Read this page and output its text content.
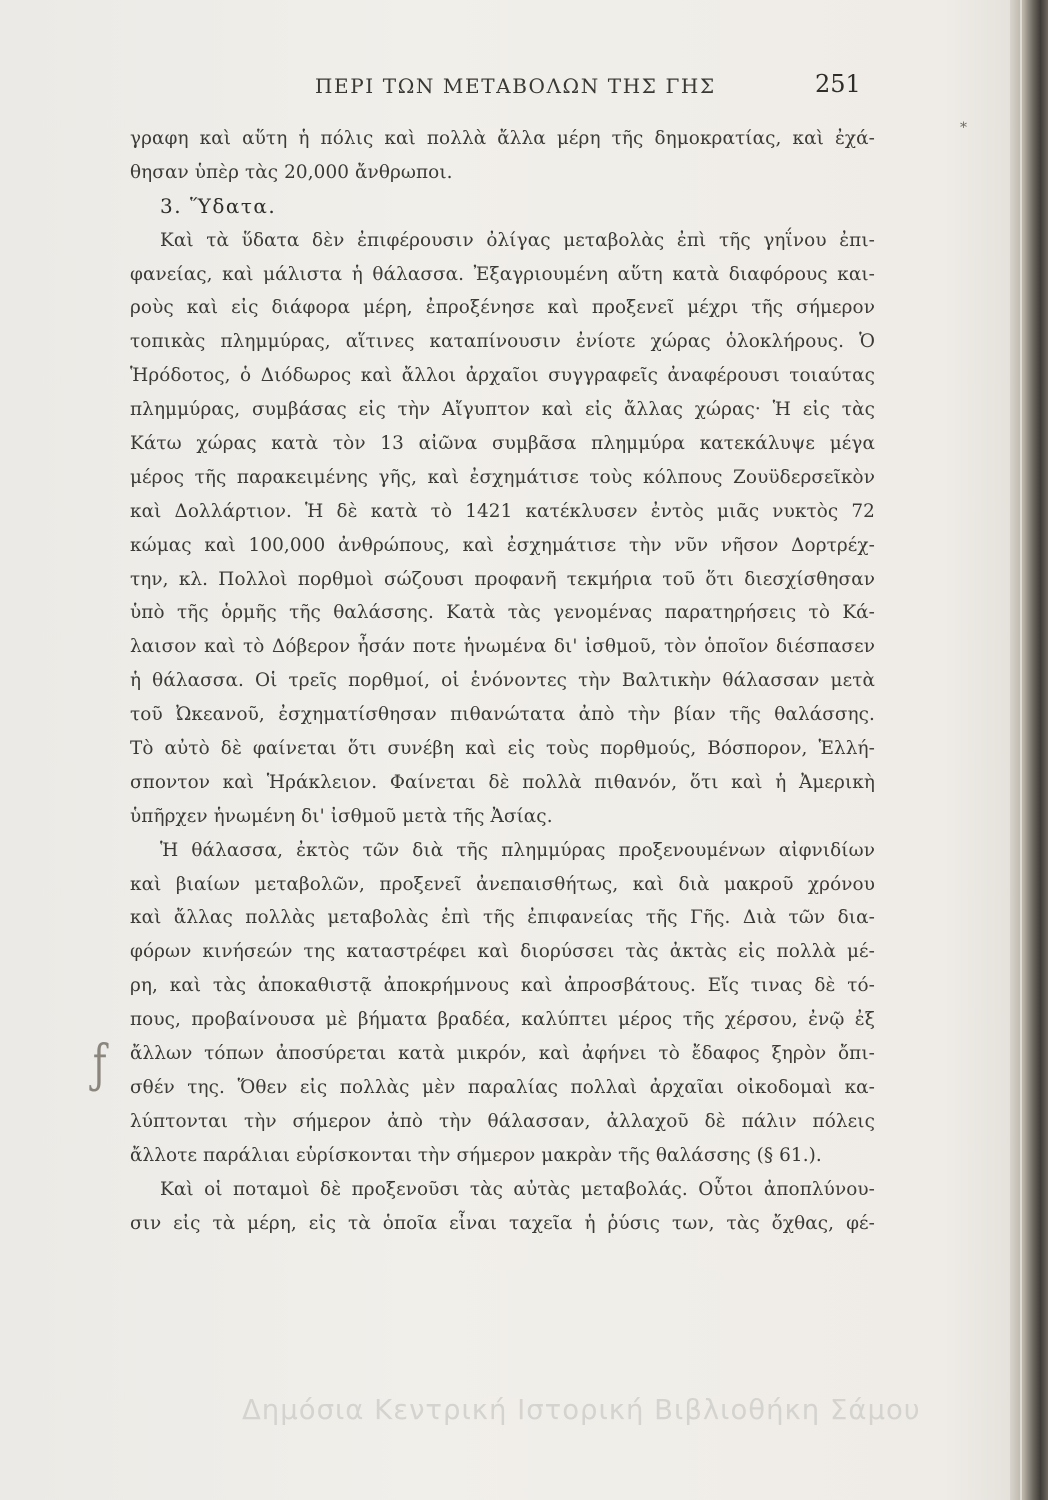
ΠΕΡΙ ΤΩΝ ΜΕΤΑΒΟΛΩΝ ΤΗΣ ΓΗΣ	251
*
ƒ
γραφη καὶ αὕτη ἡ πόλις καὶ πολλὰ ἄλλα μέρη τῆς δημοκρατίας, καὶ ἐχά-
θησαν ὑπὲρ τὰς 20,000 ἄνθρωποι.
3. Ὕδατα.
Καὶ τὰ ὕδατα δὲν ἐπιφέρουσιν ὀλίγας μεταβολὰς ἐπὶ τῆς γηΐνου ἐπι-
φανείας, καὶ μάλιστα ἡ θάλασσα. Ἐξαγριουμένη αὕτη κατὰ διαφόρους και-
ροὺς καὶ εἰς διάφορα μέρη, ἐπροξένησε καὶ προξενεῖ μέχρι τῆς σήμερον
τοπικὰς πλημμύρας, αἵτινες καταπίνουσιν ἐνίοτε χώρας ὁλοκλήρους. Ὁ
Ἡρόδοτος, ὁ Διόδωρος καὶ ἄλλοι ἀρχαῖοι συγγραφεῖς ἀναφέρουσι τοιαύτας
πλημμύρας, συμβάσας εἰς τὴν Αἴγυπτον καὶ εἰς ἄλλας χώρας· Ἡ εἰς τὰς
Κάτω χώρας κατὰ τὸν 13 αἰῶνα συμβᾶσα πλημμύρα κατεκάλυψε μέγα
μέρος τῆς παρακειμένης γῆς, καὶ ἐσχημάτισε τοὺς κόλπους Ζουϋδερσεῖκὸν
καὶ Δολλάρτιον. Ἡ δὲ κατὰ τὸ 1421 κατέκλυσεν ἐντὸς μιᾶς νυκτὸς 72
κώμας καὶ 100,000 ἀνθρώπους, καὶ ἐσχημάτισε τὴν νῦν νῆσον Δορτρέχ-
την, κλ. Πολλοὶ πορθμοὶ σώζουσι προφανῆ τεκμήρια τοῦ ὅτι διεσχίσθησαν
ὑπὸ τῆς ὁρμῆς τῆς θαλάσσης. Κατὰ τὰς γενομένας παρατηρήσεις τὸ Κά-
λαισον καὶ τὸ Δόβερον ἦσάν ποτε ἡνωμένα δι' ἰσθμοῦ, τὸν ὁποῖον διέσπασεν
ἡ θάλασσα. Οἱ τρεῖς πορθμοί, οἱ ἑνόνοντες τὴν Βαλτικὴν θάλασσαν μετὰ
τοῦ Ὠκεανοῦ, ἐσχηματίσθησαν πιθανώτατα ἀπὸ τὴν βίαν τῆς θαλάσσης.
Τὸ αὐτὸ δὲ φαίνεται ὅτι συνέβη καὶ εἰς τοὺς πορθμούς, Βόσπορον, Ἑλλή-
σποντον καὶ Ἡράκλειον. Φαίνεται δὲ πολλὰ πιθανόν, ὅτι καὶ ἡ Ἀμερικὴ
ὑπῆρχεν ἡνωμένη δι' ἰσθμοῦ μετὰ τῆς Ἀσίας.
Ἡ θάλασσα, ἐκτὸς τῶν διὰ τῆς πλημμύρας προξενουμένων αἰφνιδίων
καὶ βιαίων μεταβολῶν, προξενεῖ ἀνεπαισθήτως, καὶ διὰ μακροῦ χρόνου
καὶ ἄλλας πολλὰς μεταβολὰς ἐπὶ τῆς ἐπιφανείας τῆς Γῆς. Διὰ τῶν δια-
φόρων κινήσεών της καταστρέφει καὶ διορύσσει τὰς ἀκτὰς εἰς πολλὰ μέ-
ρη, καὶ τὰς ἀποκαθιστᾷ ἀποκρήμνους καὶ ἀπροσβάτους. Εἴς τινας δὲ τό-
πους, προβαίνουσα μὲ βήματα βραδέα, καλύπτει μέρος τῆς χέρσου, ἐνῷ ἐξ
ἄλλων τόπων ἀποσύρεται κατὰ μικρόν, καὶ ἀφήνει τὸ ἔδαφος ξηρὸν ὄπι-
σθέν της. Ὅθεν εἰς πολλὰς μὲν παραλίας πολλαὶ ἀρχαῖαι οἰκοδομαὶ κα-
λύπτονται τὴν σήμερον ἀπὸ τὴν θάλασσαν, ἀλλαχοῦ δὲ πάλιν πόλεις
ἄλλοτε παράλιαι εὑρίσκονται τὴν σήμερον μακρὰν τῆς θαλάσσης (§ 61.).
Καὶ οἱ ποταμοὶ δὲ προξενοῦσι τὰς αὐτὰς μεταβολάς. Οὗτοι ἀποπλύνου-
σιν εἰς τὰ μέρη, εἰς τὰ ὁποῖα εἶναι ταχεῖα ἡ ῥύσις των, τὰς ὄχθας, φέ-
Δημόσια Κεντρική Ιστορική Βιβλιοθήκη Σάμου
